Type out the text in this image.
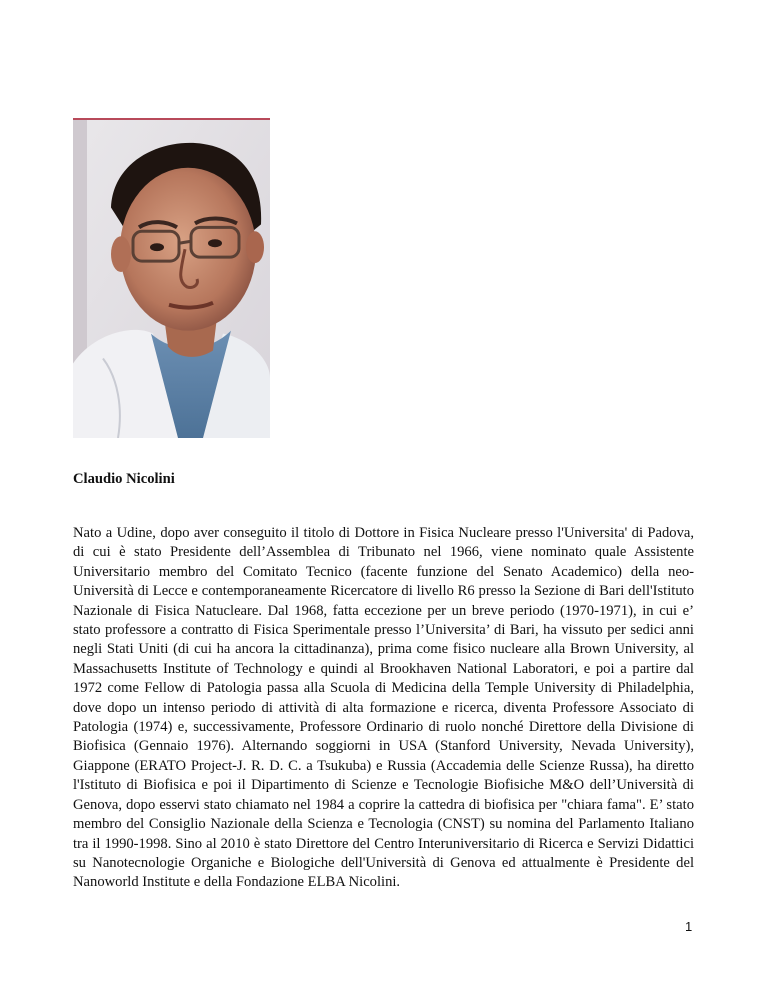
Claudio Nicolini

Nato a Udine, dopo aver conseguito il titolo di Dottore in Fisica Nucleare presso l'Universita' di Padova, di cui è stato Presidente dell’Assemblea di Tribunato nel 1966, viene nominato quale Assistente Universitario membro del Comitato Tecnico (facente funzione del Senato Academico) della neo-Università di Lecce e contemporaneamente Ricercatore di livello R6 presso la Sezione di Bari dell'Istituto Nazionale di Fisica Natucleare. Dal 1968, fatta eccezione per un breve periodo (1970-1971), in cui e’ stato professore a contratto di Fisica Sperimentale presso l’Universita’ di Bari, ha vissuto per sedici anni negli Stati Uniti (di cui ha ancora la cittadinanza), prima come fisico nucleare alla Brown University, al Massachusetts Institute of Technology e quindi al Brookhaven National Laboratori, e poi a partire dal 1972 come Fellow di Patologia passa alla Scuola di Medicina della Temple University di Philadelphia, dove dopo un intenso periodo di attività di alta formazione e ricerca, diventa Professore Associato di Patologia (1974) e, successivamente, Professore Ordinario di ruolo nonché Direttore della Divisione di Biofisica (Gennaio 1976). Alternando soggiorni in USA (Stanford University, Nevada University), Giappone (ERATO Project-J. R. D. C. a Tsukuba) e Russia (Accademia delle Scienze Russa), ha diretto l'Istituto di Biofisica e poi il Dipartimento di Scienze e Tecnologie Biofisiche M&O dell’Università di Genova, dopo esservi stato chiamato nel 1984 a coprire la cattedra di biofisica per "chiara fama". E’ stato membro del Consiglio Nazionale della Scienza e Tecnologia (CNST) su nomina del Parlamento Italiano tra il 1990-1998. Sino al 2010 è stato Direttore del Centro Interuniversitario di Ricerca e Servizi Didattici su Nanotecnologie Organiche e Biologiche dell'Università di Genova ed attualmente è Presidente del Nanoworld Institute e della Fondazione ELBA Nicolini.

1
